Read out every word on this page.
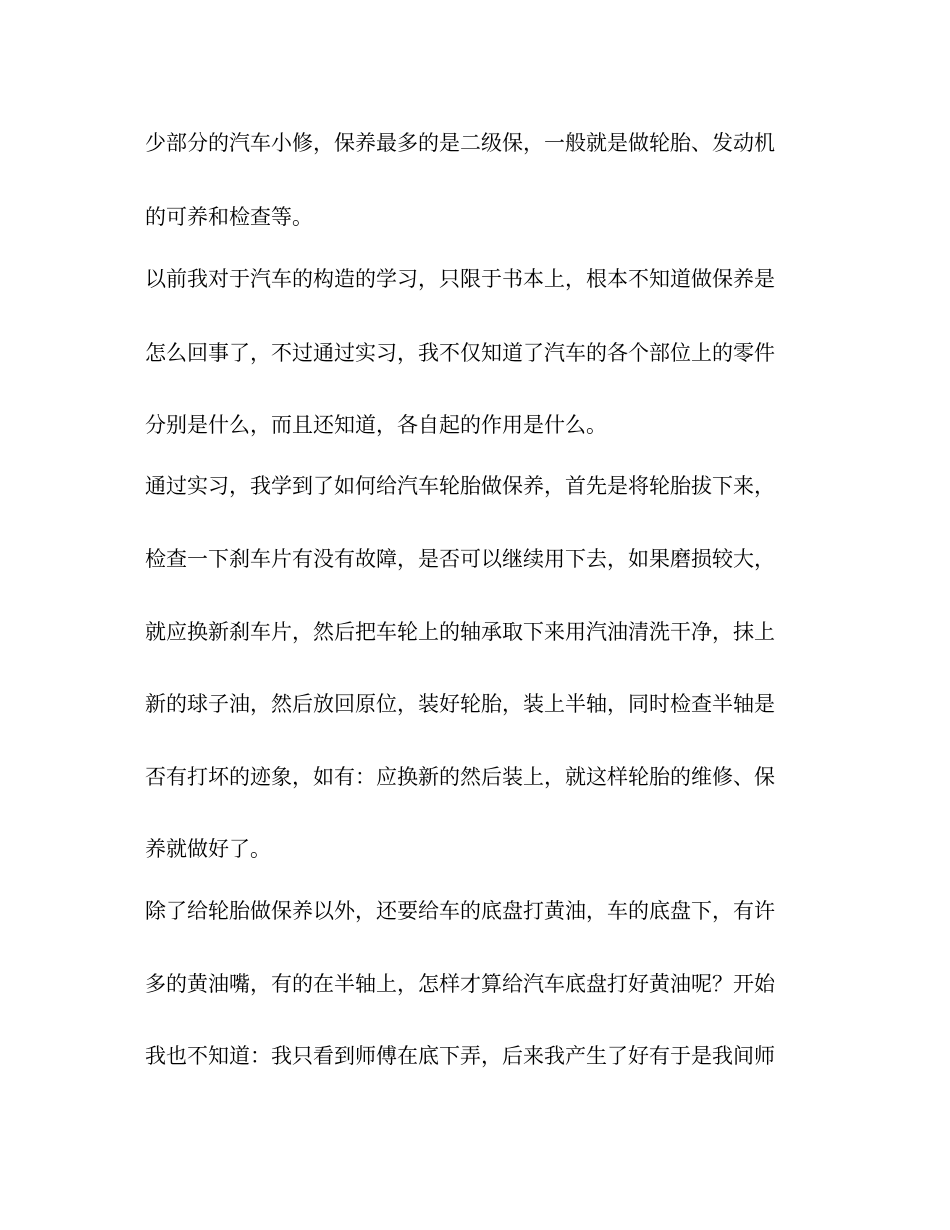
少部分的汽车小修，保养最多的是二级保，一般就是做轮胎、发动机
的可养和检查等。
以前我对于汽车的构造的学习，只限于书本上，根本不知道做保养是
怎么回事了，不过通过实习，我不仅知道了汽车的各个部位上的零件
分别是什么，而且还知道，各自起的作用是什么。
通过实习，我学到了如何给汽车轮胎做保养，首先是将轮胎拔下来，
检查一下刹车片有没有故障，是否可以继续用下去，如果磨损较大，
就应换新刹车片，然后把车轮上的轴承取下来用汽油清洗干净，抹上
新的球子油，然后放回原位，装好轮胎，装上半轴，同时检查半轴是
否有打坏的迹象，如有：应换新的然后装上，就这样轮胎的维修、保
养就做好了。
除了给轮胎做保养以外，还要给车的底盘打黄油，车的底盘下，有许
多的黄油嘴，有的在半轴上，怎样才算给汽车底盘打好黄油呢？开始
我也不知道：我只看到师傅在底下弄，后来我产生了好有于是我间师
